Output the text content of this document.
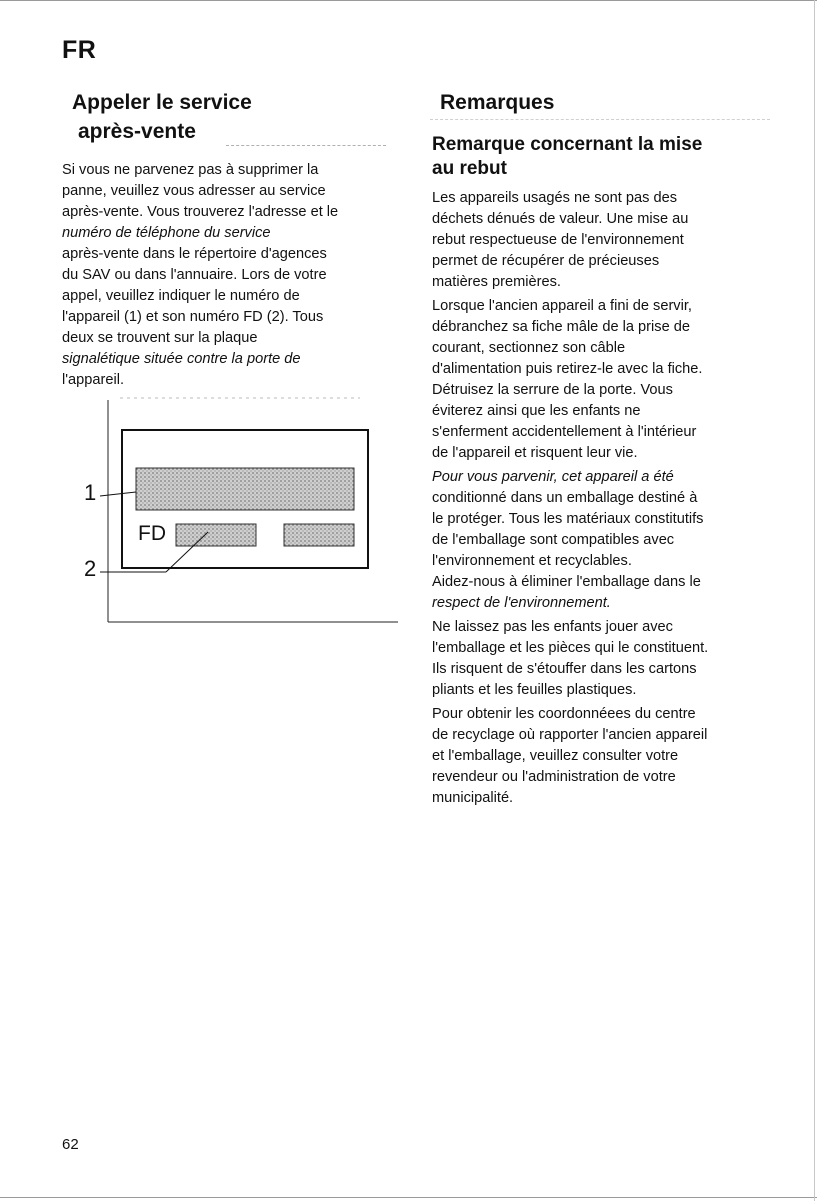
FR
Appeler le service
après-vente

Si vous ne parvenez pas à supprimer la
panne, veuillez vous adresser au service
après-vente. Vous trouverez l'adresse et le
numéro de téléphone du service
après-vente dans le répertoire d'agences
du SAV ou dans l'annuaire. Lors de votre
appel, veuillez indiquer le numéro de
l'appareil (1) et son numéro FD (2). Tous
deux se trouvent sur la plaque
signalétique située contre la porte de
l'appareil.

1
2
FD
Remarques
Remarque concernant la mise
au rebut

Les appareils usagés ne sont pas des
déchets dénués de valeur. Une mise au
rebut respectueuse de l'environnement
permet de récupérer de précieuses
matières premières.

Lorsque l'ancien appareil a fini de servir,
débranchez sa fiche mâle de la prise de
courant, sectionnez son câble
d'alimentation puis retirez-le avec la fiche.
Détruisez la serrure de la porte. Vous
éviterez ainsi que les enfants ne
s'enferment accidentellement à l'intérieur
de l'appareil et risquent leur vie.

Pour vous parvenir, cet appareil a été
conditionné dans un emballage destiné à
le protéger. Tous les matériaux constitutifs
de l'emballage sont compatibles avec
l'environnement et recyclables.
Aidez-nous à éliminer l'emballage dans le
respect de l'environnement.

Ne laissez pas les enfants jouer avec
l'emballage et les pièces qui le constituent.
Ils risquent de s'étouffer dans les cartons
pliants et les feuilles plastiques.

Pour obtenir les coordonnéees du centre
de recyclage où rapporter l'ancien appareil
et l'emballage, veuillez consulter votre
revendeur ou l'administration de votre
municipalité.

62
